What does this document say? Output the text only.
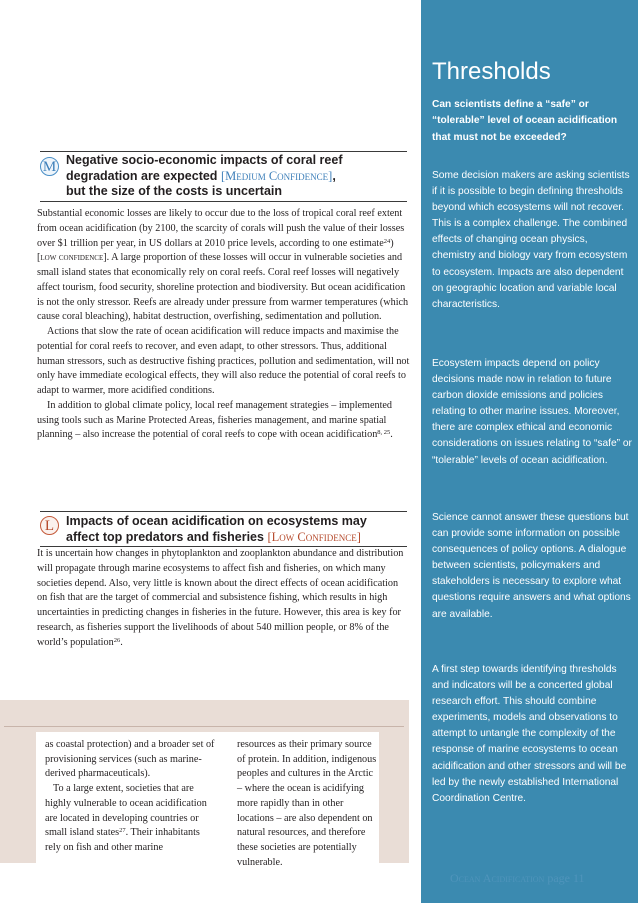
M Negative socio-economic impacts of coral reef
degradation are expected [Medium Confidence],
but the size of the costs is uncertain

Substantial economic losses are likely to occur due to the loss of tropical coral reef extent from ocean acidification (by 2100, the scarcity of corals will push the value of their losses over $1 trillion per year, in US dollars at 2010 price levels, according to one estimate$^{24}$) [low confidence]. A large proportion of these losses will occur in vulnerable societies and small island states that economically rely on coral reefs. Coral reef losses will negatively affect tourism, food security, shoreline protection and biodiversity. But ocean acidification is not the only stressor. Reefs are already under pressure from warmer temperatures (which cause coral bleaching), habitat destruction, overfishing, sedimentation and pollution.

Actions that slow the rate of ocean acidification will reduce impacts and maximise the potential for coral reefs to recover, and even adapt, to other stressors. Thus, additional human stressors, such as destructive fishing practices, pollution and sedimentation, will not only have immediate ecological effects, they will also reduce the potential of coral reefs to adapt to warmer, more acidified conditions.

In addition to global climate policy, local reef management strategies – implemented using tools such as Marine Protected Areas, fisheries management, and marine spatial planning – also increase the potential of coral reefs to cope with ocean acidification$^{8, 25}$.

L Impacts of ocean acidification on ecosystems may
affect top predators and fisheries [Low Confidence]

It is uncertain how changes in phytoplankton and zooplankton abundance and distribution will propagate through marine ecosystems to affect fish and fisheries, on which many societies depend. Also, very little is known about the direct effects of ocean acidification on fish that are the target of commercial and subsistence fishing, which results in high uncertainties in predicting changes in fisheries in the future. However, this area is key for research, as fisheries support the livelihoods of about 540 million people, or 8% of the world’s population$^{26}$.

as coastal protection) and a broader set of provisioning services (such as marine-derived pharmaceuticals).

To a large extent, societies that are highly vulnerable to ocean acidification are located in developing countries or small island states$^{27}$. Their inhabitants rely on fish and other marine

resources as their primary source of protein. In addition, indigenous peoples and cultures in the Arctic – where the ocean is acidifying more rapidly than in other locations – are also dependent on natural resources, and therefore these societies are potentially vulnerable.

Thresholds
Can scientists define a “safe” or “tolerable” level of ocean acidification that must not be exceeded?
Some decision makers are asking scientists if it is possible to begin defining thresholds beyond which ecosystems will not recover. This is a complex challenge. The combined effects of changing ocean physics, chemistry and biology vary from ecosystem to ecosystem. Impacts are also dependent on geographic location and variable local characteristics.
Ecosystem impacts depend on policy decisions made now in relation to future carbon dioxide emissions and policies relating to other marine issues. Moreover, there are complex ethical and economic considerations on issues relating to “safe” or “tolerable” levels of ocean acidification.
Science cannot answer these questions but can provide some information on possible consequences of policy options. A dialogue between scientists, policymakers and stakeholders is necessary to explore what questions require answers and what options are available.
A first step towards identifying thresholds and indicators will be a concerted global research effort. This should combine experiments, models and observations to attempt to untangle the complexity of the response of marine ecosystems to ocean acidification and other stressors and will be led by the newly established International Coordination Centre.
Ocean Acidification page 11
